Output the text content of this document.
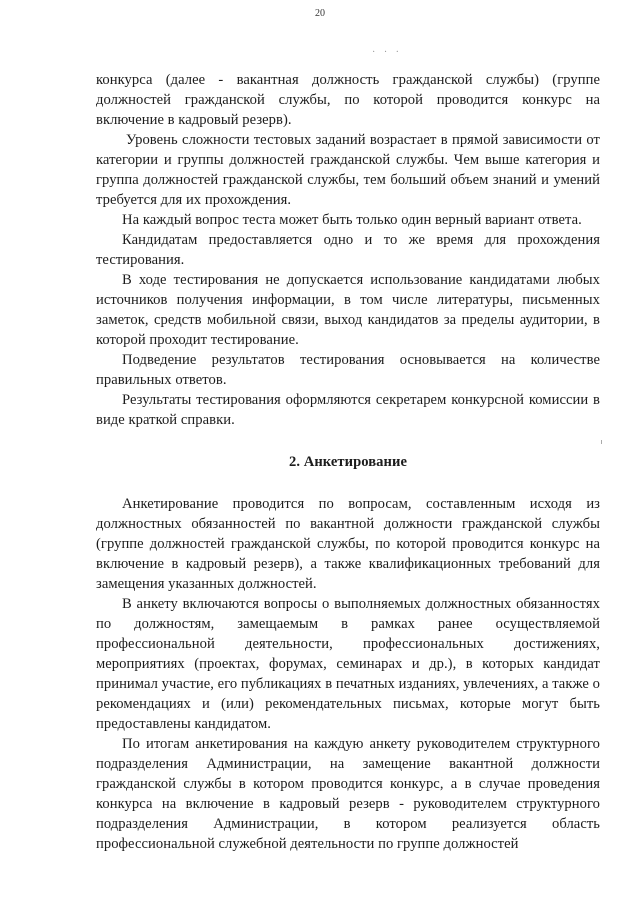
20
· · ·

конкурса (далее - вакантная должность гражданской службы) (группе должностей гражданской службы, по которой проводится конкурс на включение в кадровый резерв).

Уровень сложности тестовых заданий возрастает в прямой зависимости от категории и группы должностей гражданской службы. Чем выше категория и группа должностей гражданской службы, тем больший объем знаний и умений требуется для их прохождения.

На каждый вопрос теста может быть только один верный вариант ответа.

Кандидатам предоставляется одно и то же время для прохождения тестирования.

В ходе тестирования не допускается использование кандидатами любых источников получения информации, в том числе литературы, письменных заметок, средств мобильной связи, выход кандидатов за пределы аудитории, в которой проходит тестирование.

Подведение результатов тестирования основывается на количестве правильных ответов.

Результаты тестирования оформляются секретарем конкурсной комиссии в виде краткой справки.

2. Анкетирование

Анкетирование проводится по вопросам, составленным исходя из должностных обязанностей по вакантной должности гражданской службы (группе должностей гражданской службы, по которой проводится конкурс на включение в кадровый резерв), а также квалификационных требований для замещения указанных должностей.

В анкету включаются вопросы о выполняемых должностных обязанностях по должностям, замещаемым в рамках ранее осуществляемой профессиональной деятельности, профессиональных достижениях, мероприятиях (проектах, форумах, семинарах и др.), в которых кандидат принимал участие, его публикациях в печатных изданиях, увлечениях, а также о рекомендациях и (или) рекомендательных письмах, которые могут быть предоставлены кандидатом.

По итогам анкетирования на каждую анкету руководителем структурного подразделения Администрации, на замещение вакантной должности гражданской службы в котором проводится конкурс, а в случае проведения конкурса на включение в кадровый резерв - руководителем структурного подразделения Администрации, в котором реализуется область профессиональной служебной деятельности по группе должностей
